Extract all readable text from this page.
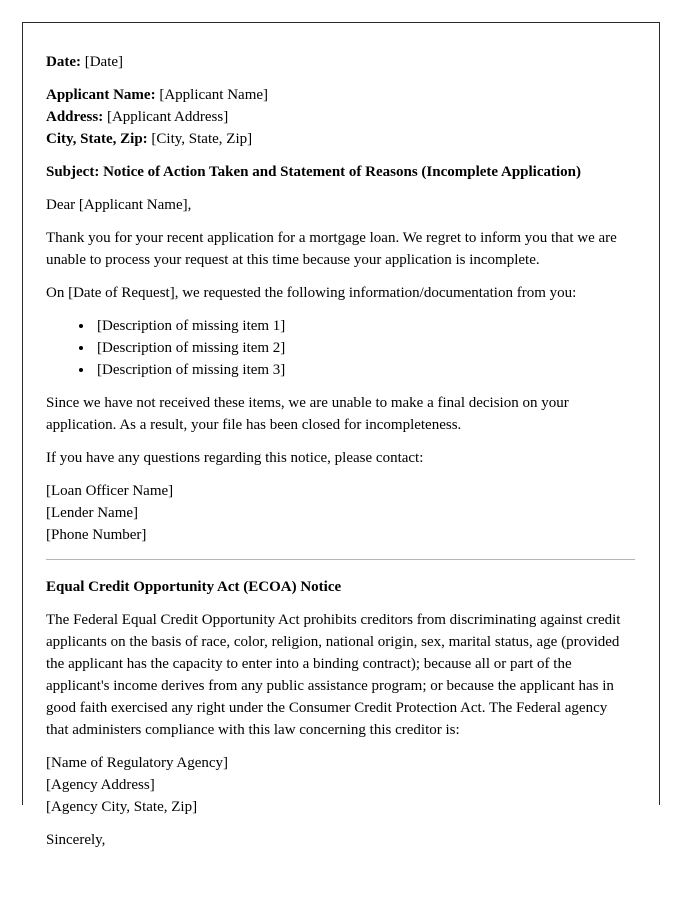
Date: [Date]

Applicant Name: [Applicant Name]
Address: [Applicant Address]
City, State, Zip: [City, State, Zip]

Subject: Notice of Action Taken and Statement of Reasons (Incomplete Application)

Dear [Applicant Name],

Thank you for your recent application for a mortgage loan. We regret to inform you that we are unable to process your request at this time because your application is incomplete.

On [Date of Request], we requested the following information/documentation from you:

• [Description of missing item 1]
• [Description of missing item 2]
• [Description of missing item 3]

Since we have not received these items, we are unable to make a final decision on your application. As a result, your file has been closed for incompleteness.

If you have any questions regarding this notice, please contact:

[Loan Officer Name]
[Lender Name]
[Phone Number]
Equal Credit Opportunity Act (ECOA) Notice

The Federal Equal Credit Opportunity Act prohibits creditors from discriminating against credit applicants on the basis of race, color, religion, national origin, sex, marital status, age (provided the applicant has the capacity to enter into a binding contract); because all or part of the applicant's income derives from any public assistance program; or because the applicant has in good faith exercised any right under the Consumer Credit Protection Act. The Federal agency that administers compliance with this law concerning this creditor is:

[Name of Regulatory Agency]
[Agency Address]
[Agency City, State, Zip]

Sincerely,
